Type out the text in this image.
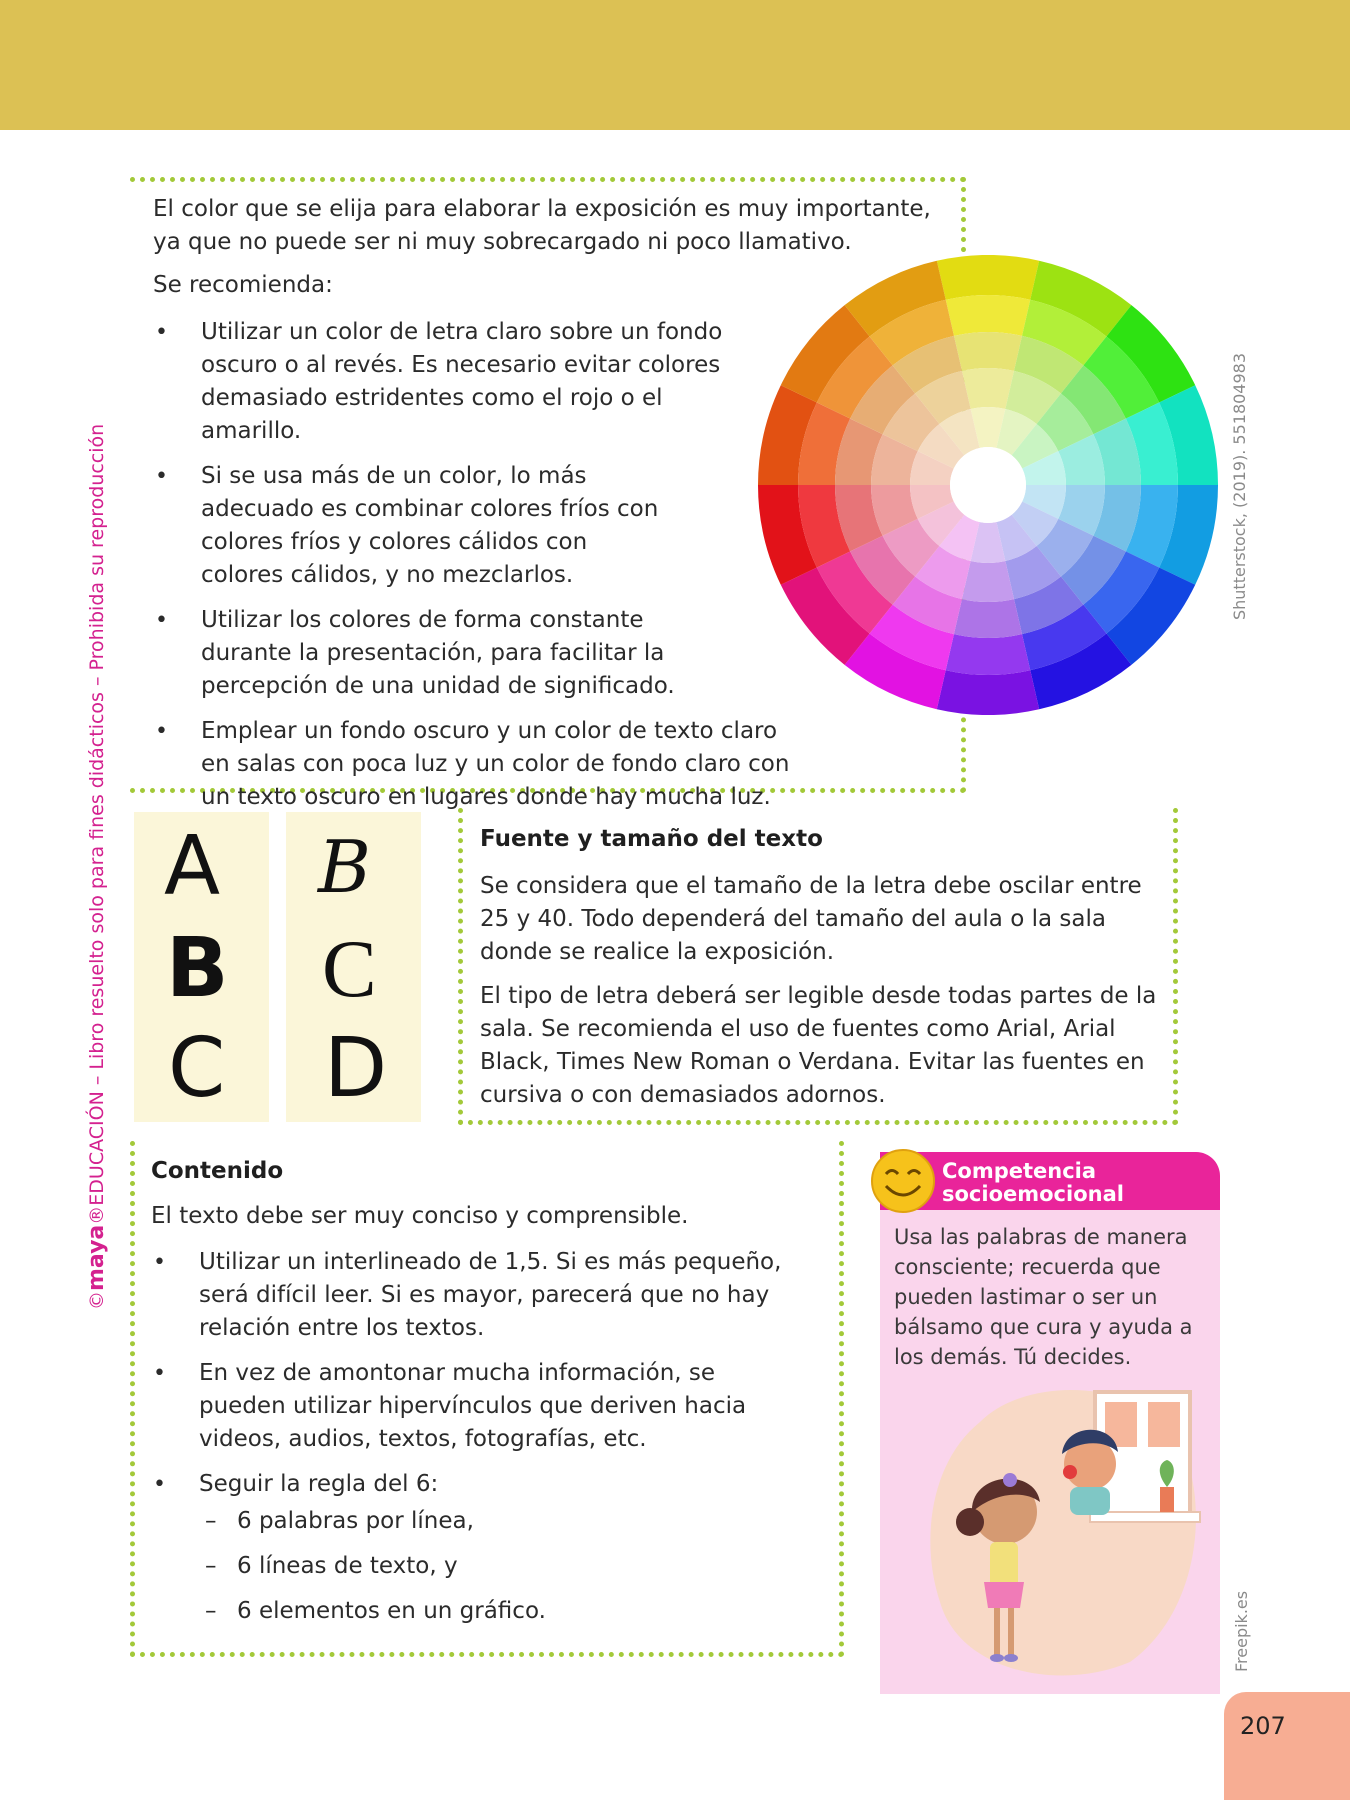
©maya®EDUCACIÓN – Libro resuelto solo para fines didácticos – Prohibida su reproducción
El color que se elija para elaborar la exposición es muy importante, ya que no puede ser ni muy sobrecargado ni poco llamativo.
Se recomienda:
• Utilizar un color de letra claro sobre un fondo oscuro o al revés. Es necesario evitar colores demasiado estridentes como el rojo o el amarillo.
• Si se usa más de un color, lo más adecuado es combinar colores fríos con colores fríos y colores cálidos con colores cálidos, y no mezclarlos.
• Utilizar los colores de forma constante durante la presentación, para facilitar la percepción de una unidad de significado.
• Emplear un fondo oscuro y un color de texto claro en salas con poca luz y un color de fondo claro con un texto oscuro en lugares donde hay mucha luz.
Shutterstock, (2019). 551804983
A
B
C
B
C
D
Fuente y tamaño del texto
Se considera que el tamaño de la letra debe oscilar entre 25 y 40. Todo dependerá del tamaño del aula o la sala donde se realice la exposición.
El tipo de letra deberá ser legible desde todas partes de la sala. Se recomienda el uso de fuentes como Arial, Arial Black, Times New Roman o Verdana. Evitar las fuentes en cursiva o con demasiados adornos.
Contenido
El texto debe ser muy conciso y comprensible.
• Utilizar un interlineado de 1,5. Si es más pequeño, será difícil leer. Si es mayor, parecerá que no hay relación entre los textos.
• En vez de amontonar mucha información, se pueden utilizar hipervínculos que deriven hacia videos, audios, textos, fotografías, etc.
• Seguir la regla del 6:
– 6 palabras por línea,
– 6 líneas de texto, y
– 6 elementos en un gráfico.
Competencia
socioemocional
Usa las palabras de manera consciente; recuerda que pueden lastimar o ser un bálsamo que cura y ayuda a los demás. Tú decides.
Freepik.es
207
